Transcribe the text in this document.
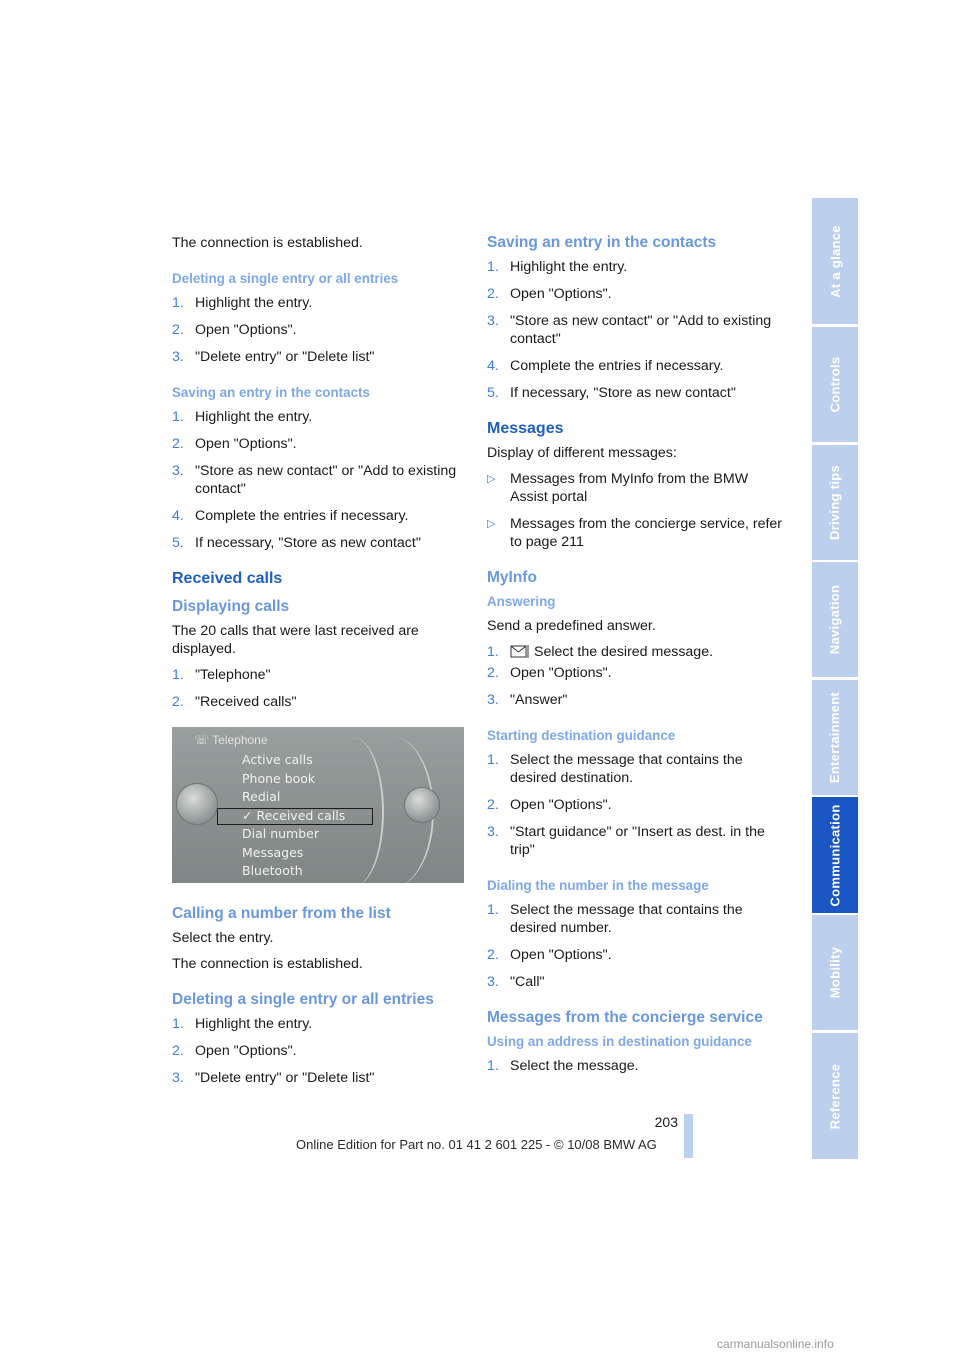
The connection is established.

Deleting a single entry or all entries
1. Highlight the entry.
2. Open "Options".
3. "Delete entry" or "Delete list"
Saving an entry in the contacts
1. Highlight the entry.
2. Open "Options".
3. "Store as new contact" or "Add to existing contact"
4. Complete the entries if necessary.
5. If necessary, "Store as new contact"
Received calls
Displaying calls

The 20 calls that were last received are displayed.

1. "Telephone"
2. "Received calls"
☏ Telephone
Active calls
Phone book
Redial
✓ Received calls
Dial number
Messages
Bluetooth
Calling a number from the list

Select the entry.

The connection is established.

Deleting a single entry or all entries
1. Highlight the entry.
2. Open "Options".
3. "Delete entry" or "Delete list"
Saving an entry in the contacts
1. Highlight the entry.
2. Open "Options".
3. "Store as new contact" or "Add to existing contact"
4. Complete the entries if necessary.
5. If necessary, "Store as new contact"
Messages

Display of different messages:

▷	Messages from MyInfo from the BMW Assist portal
▷	Messages from the concierge service, refer to page 211
MyInfo
Answering

Send a predefined answer.

1.	Select the desired message.
2. Open "Options".
3. "Answer"
Starting destination guidance
1. Select the message that contains the desired destination.
2. Open "Options".
3. "Start guidance" or "Insert as dest. in the trip"
Dialing the number in the message
1. Select the message that contains the desired number.
2. Open "Options".
3. "Call"
Messages from the concierge service
Using an address in destination guidance
1. Select the message.
At a glance
Controls
Driving tips
Navigation
Entertainment
Communication
Mobility
Reference
203
Online Edition for Part no. 01 41 2 601 225 - © 10/08 BMW AG
carmanualsonline.info
